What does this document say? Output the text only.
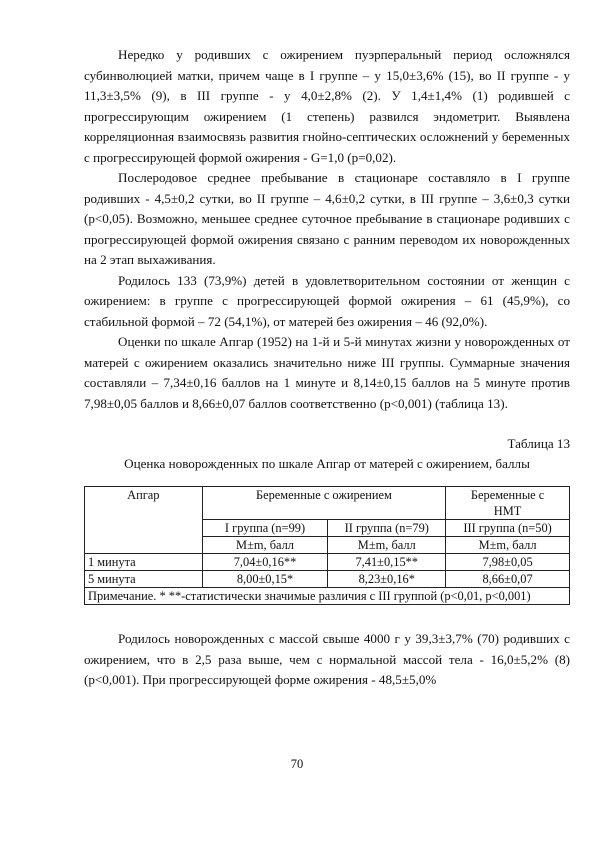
Нередко у родивших с ожирением пуэрперальный период осложнялся субинволюцией матки, причем чаще в I группе – у 15,0±3,6% (15), во II группе - у 11,3±3,5% (9), в III группе - у 4,0±2,8% (2). У 1,4±1,4% (1) родившей с прогрессирующим ожирением (1 степень) развился эндометрит. Выявлена корреляционная взаимосвязь развития гнойно-септических осложнений у беременных с прогрессирующей формой ожирения - G=1,0 (p=0,02).

Послеродовое среднее пребывание в стационаре составляло в I группе родивших - 4,5±0,2 сутки, во II группе – 4,6±0,2 сутки, в III группе – 3,6±0,3 сутки (p<0,05). Возможно, меньшее среднее суточное пребывание в стационаре родивших с прогрессирующей формой ожирения связано с ранним переводом их новорожденных на 2 этап выхаживания.

Родилось 133 (73,9%) детей в удовлетворительном состоянии от женщин с ожирением: в группе с прогрессирующей формой ожирения – 61 (45,9%), со стабильной формой – 72 (54,1%), от матерей без ожирения – 46 (92,0%).

Оценки по шкале Апгар (1952) на 1-й и 5-й минутах жизни у новорожденных от матерей с ожирением оказались значительно ниже III группы. Суммарные значения составляли – 7,34±0,16 баллов на 1 минуте и 8,14±0,15 баллов на 5 минуте против 7,98±0,05 баллов и 8,66±0,07 баллов соответственно (p<0,001) (таблица 13).

Таблица 13

Оценка новорожденных по шкале Апгар от матерей с ожирением, баллы

Апгар	Беременные с ожирением		Беременные с НМТ
	I группа (n=99)	II группа (n=79)	III группа (n=50)
	M±m, балл	M±m, балл	M±m, балл
1 минута	7,04±0,16**	7,41±0,15**	7,98±0,05
5 минута	8,00±0,15*	8,23±0,16*	8,66±0,07
Примечание. * **-статистически значимые различия с III группой (p<0,01, p<0,001)			

Родилось новорожденных с массой свыше 4000 г у 39,3±3,7% (70) родивших с ожирением, что в 2,5 раза выше, чем с нормальной массой тела - 16,0±5,2% (8) (p<0,001). При прогрессирующей форме ожирения - 48,5±5,0%

70
